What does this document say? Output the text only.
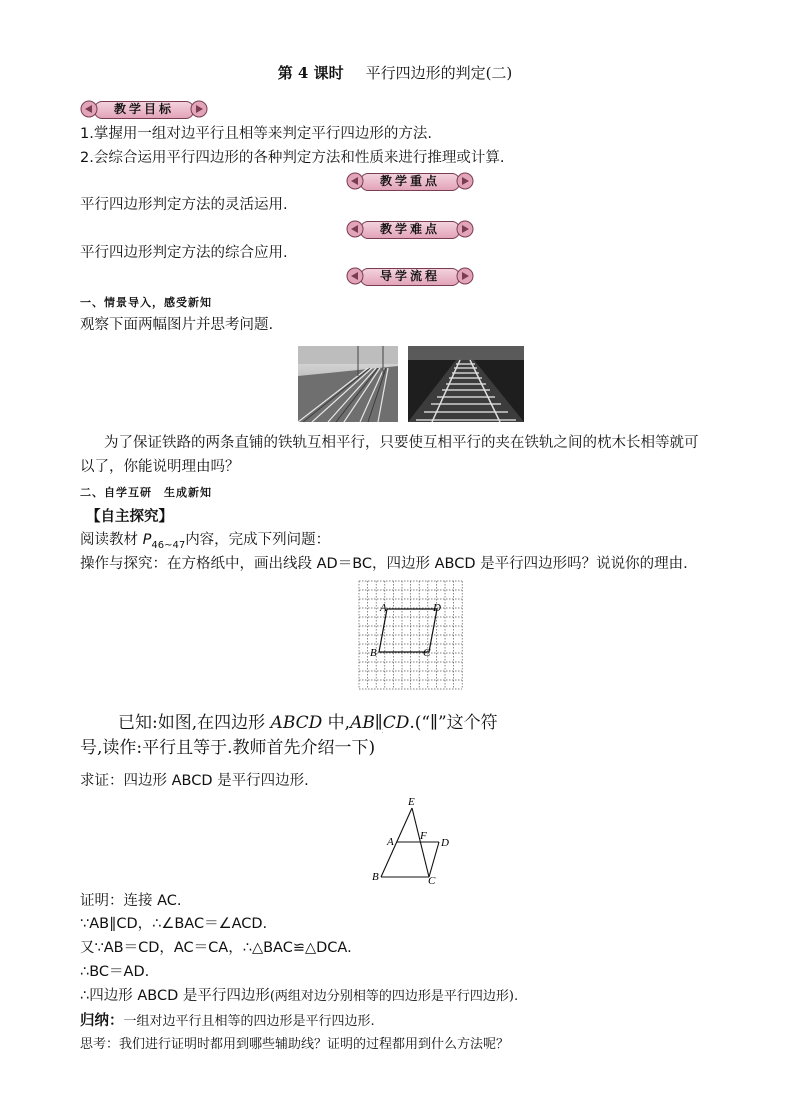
第 4 课时 平行四边形的判定(二)
教学目标
1.掌握用一组对边平行且相等来判定平行四边形的方法.
2.会综合运用平行四边形的各种判定方法和性质来进行推理或计算.
教学重点
平行四边形判定方法的灵活运用.
教学难点
平行四边形判定方法的综合应用.
导学流程
一、情景导入，感受新知
观察下面两幅图片并思考问题.
为了保证铁路的两条直铺的铁轨互相平行，只要使互相平行的夹在铁轨之间的枕木长相等就可
以了，你能说明理由吗？
二、自学互研　生成新知
【自主探究】
阅读教材 $P_{46\sim 47}$内容，完成下列问题：
操作与探究：在方格纸中，画出线段 AD＝BC，四边形 ABCD 是平行四边形吗？说说你的理由.
A	D
B	C
已知:如图,在四边形 ABCD 中,AB∥CD.(“∥”这个符
号,读作:平行且等于.教师首先介绍一下)
求证：四边形 ABCD 是平行四边形.
E
F
A	D
B	C
证明：连接 AC.
∵AB∥CD，∴∠BAC＝∠ACD.
又∵AB＝CD，AC＝CA，∴△BAC≌△DCA.
∴BC＝AD.
∴四边形 ABCD 是平行四边形(两组对边分别相等的四边形是平行四边形).
归纳：一组对边平行且相等的四边形是平行四边形.
思考：我们进行证明时都用到哪些辅助线？证明的过程都用到什么方法呢？
